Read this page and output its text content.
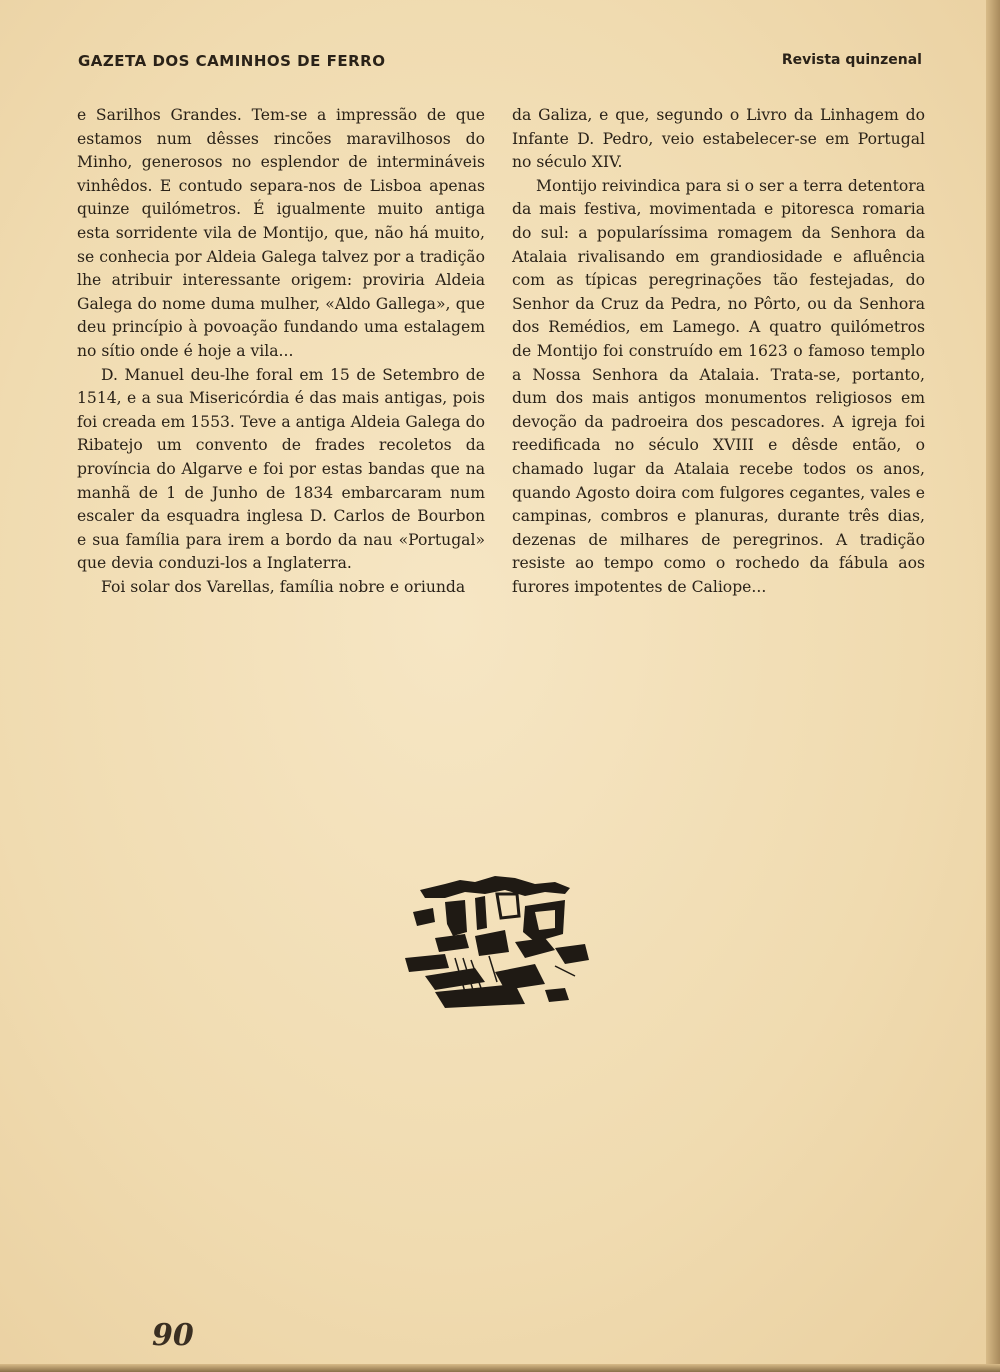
GAZETA DOS CAMINHOS DE FERRO	Revista quinzenal

e Sarilhos Grandes. Tem-se a impressão de que estamos num dêsses rincões maravilhosos do Minho, generosos no esplendor de intermináveis vinhêdos. E contudo separa-nos de Lisboa apenas quinze quilómetros. É igualmente muito antiga esta sorridente vila de Montijo, que, não há muito, se conhecia por Aldeia Galega talvez por a tradição lhe atribuir interessante origem: proviria Aldeia Galega do nome duma mulher, «Aldo Gallega», que deu princípio à povoação fundando uma estalagem no sítio onde é hoje a vila...

D. Manuel deu-lhe foral em 15 de Setembro de 1514, e a sua Misericórdia é das mais antigas, pois foi creada em 1553. Teve a antiga Aldeia Galega do Ribatejo um convento de frades recoletos da província do Algarve e foi por estas bandas que na manhã de 1 de Junho de 1834 embarcaram num escaler da esquadra inglesa D. Carlos de Bourbon e sua família para irem a bordo da nau «Portugal» que devia conduzi-los a Inglaterra.

Foi solar dos Varellas, família nobre e oriunda

da Galiza, e que, segundo o Livro da Linhagem do Infante D. Pedro, veio estabelecer-se em Portugal no século XIV.

Montijo reivindica para si o ser a terra detentora da mais festiva, movimentada e pitoresca romaria do sul: a popularíssima romagem da Senhora da Atalaia rivalisando em grandiosidade e afluência com as típicas peregrinações tão festejadas, do Senhor da Cruz da Pedra, no Pôrto, ou da Senhora dos Remédios, em Lamego. A quatro quilómetros de Montijo foi construído em 1623 o famoso templo a Nossa Senhora da Atalaia. Trata-se, portanto, dum dos mais antigos monumentos religiosos em devoção da padroeira dos pescadores. A igreja foi reedificada no século XVIII e dêsde então, o chamado lugar da Atalaia recebe todos os anos, quando Agosto doira com fulgores cegantes, vales e campinas, combros e planuras, durante três dias, dezenas de milhares de peregrinos. A tradição resiste ao tempo como o rochedo da fábula aos furores impotentes de Caliope...

90
